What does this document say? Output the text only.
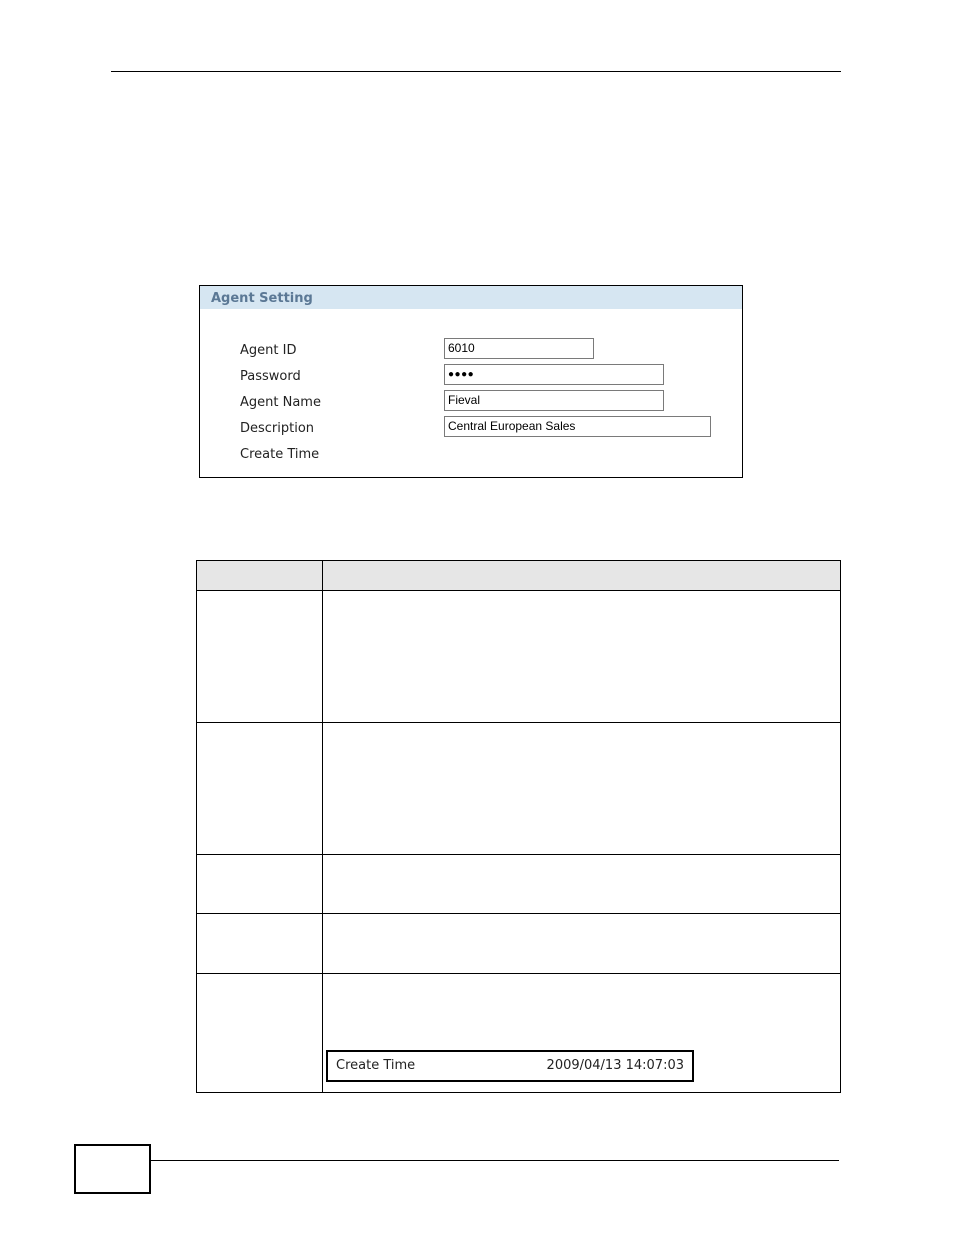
Agent Setting
Agent ID	6010
Password	●●●●
Agent Name	Fieval
Description	Central European Sales
Create Time

Create Time	2009/04/13 14:07:03
